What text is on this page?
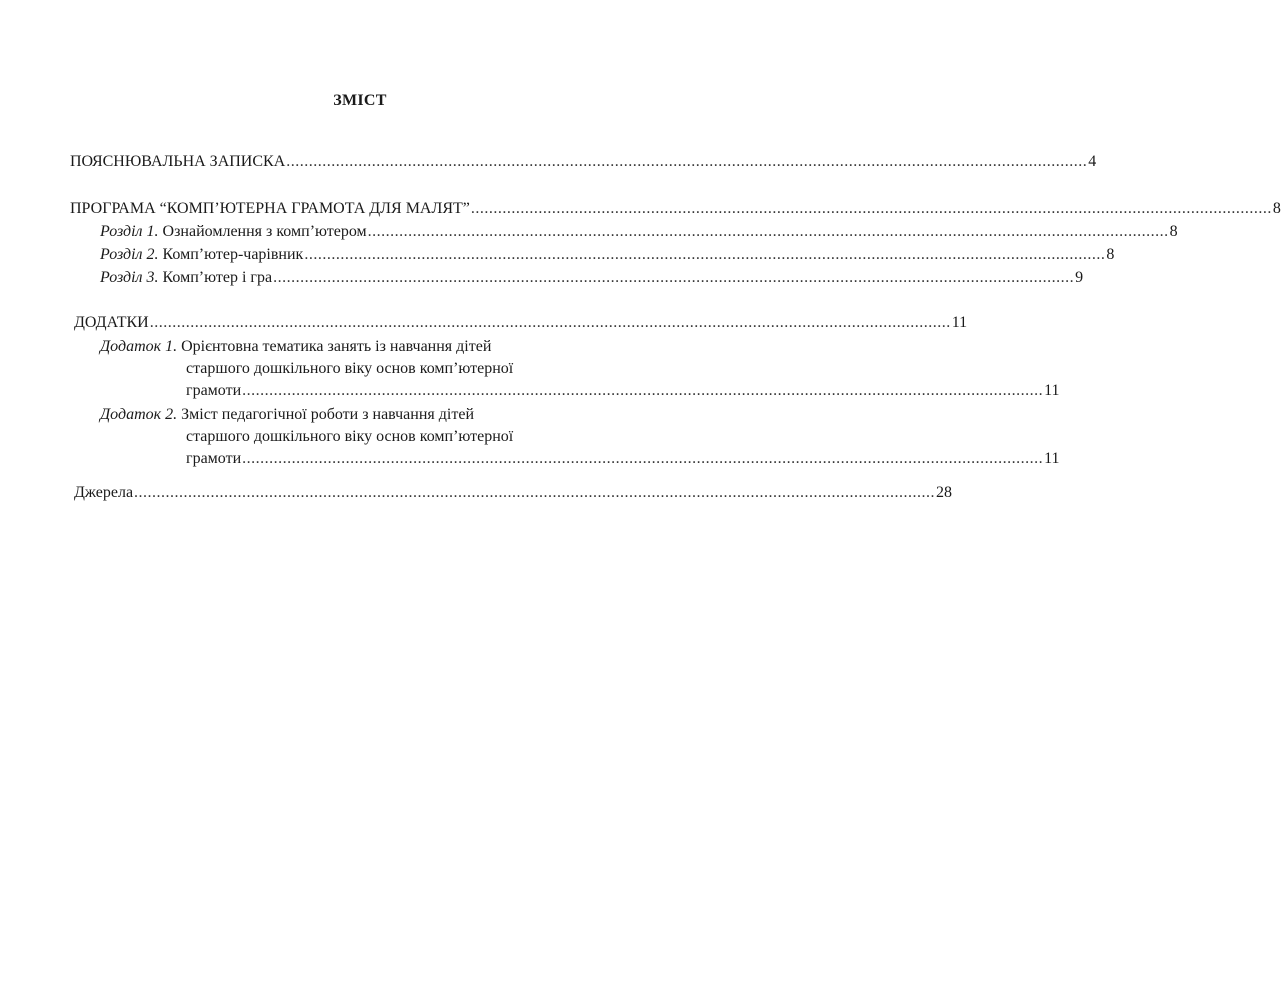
ЗМІСТ
ПОЯСНЮВАЛЬНА ЗАПИСКА .................................................................................................................................................................................. 4
ПРОГРАМА “КОМП’ЮТЕРНА ГРАМОТА ДЛЯ МАЛЯТ” .................................................................................................................................................................................. 8
Розділ 1. Ознайомлення з комп’ютером .................................................................................................................................................................................. 8
Розділ 2. Комп’ютер-чарівник .................................................................................................................................................................................. 8
Розділ 3. Комп’ютер і гра .................................................................................................................................................................................. 9
ДОДАТКИ .................................................................................................................................................................................. 11
Додаток 1. Орієнтовна тематика занять із навчання дітей
старшого дошкільного віку основ комп’ютерної
грамоти .................................................................................................................................................................................. 11
Додаток 2. Зміст педагогічної роботи з навчання дітей
старшого дошкільного віку основ комп’ютерної
грамоти .................................................................................................................................................................................. 11
Джерела .................................................................................................................................................................................. 28
